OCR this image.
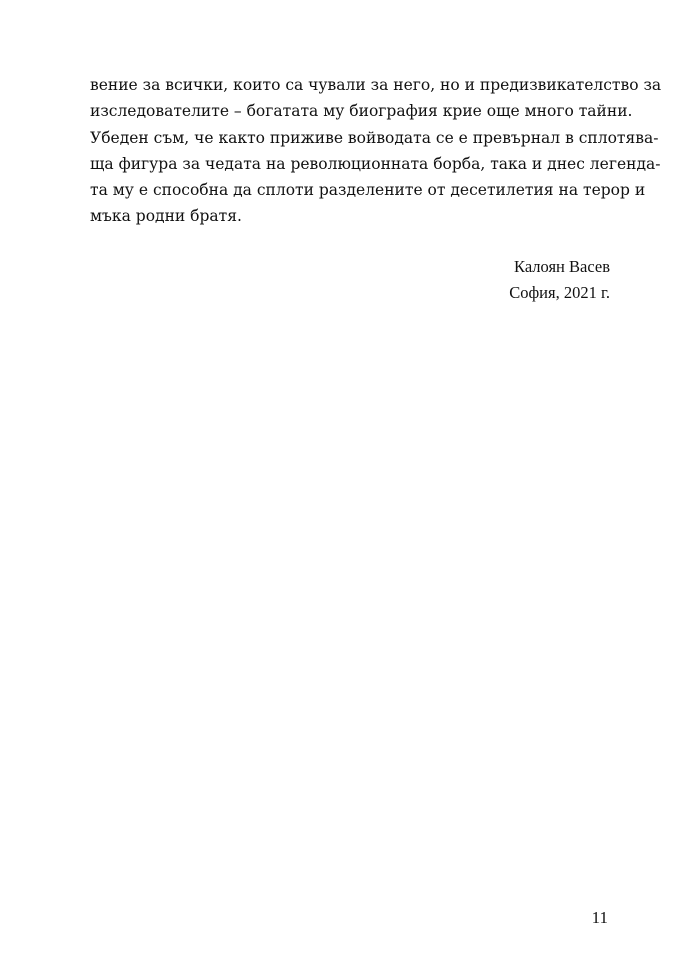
вение за всички, които са чували за него, но и предизвикателство за
изследователите – богатата му биография крие още много тайни.
Убеден съм, че както приживе войводата се е превърнал в сплотява-
ща фигура за чедата на революционната борба, така и днес легенда-
та му е способна да сплоти разделените от десетилетия на терор и
мъка родни братя.

Калоян Васев
София, 2021 г.
11
